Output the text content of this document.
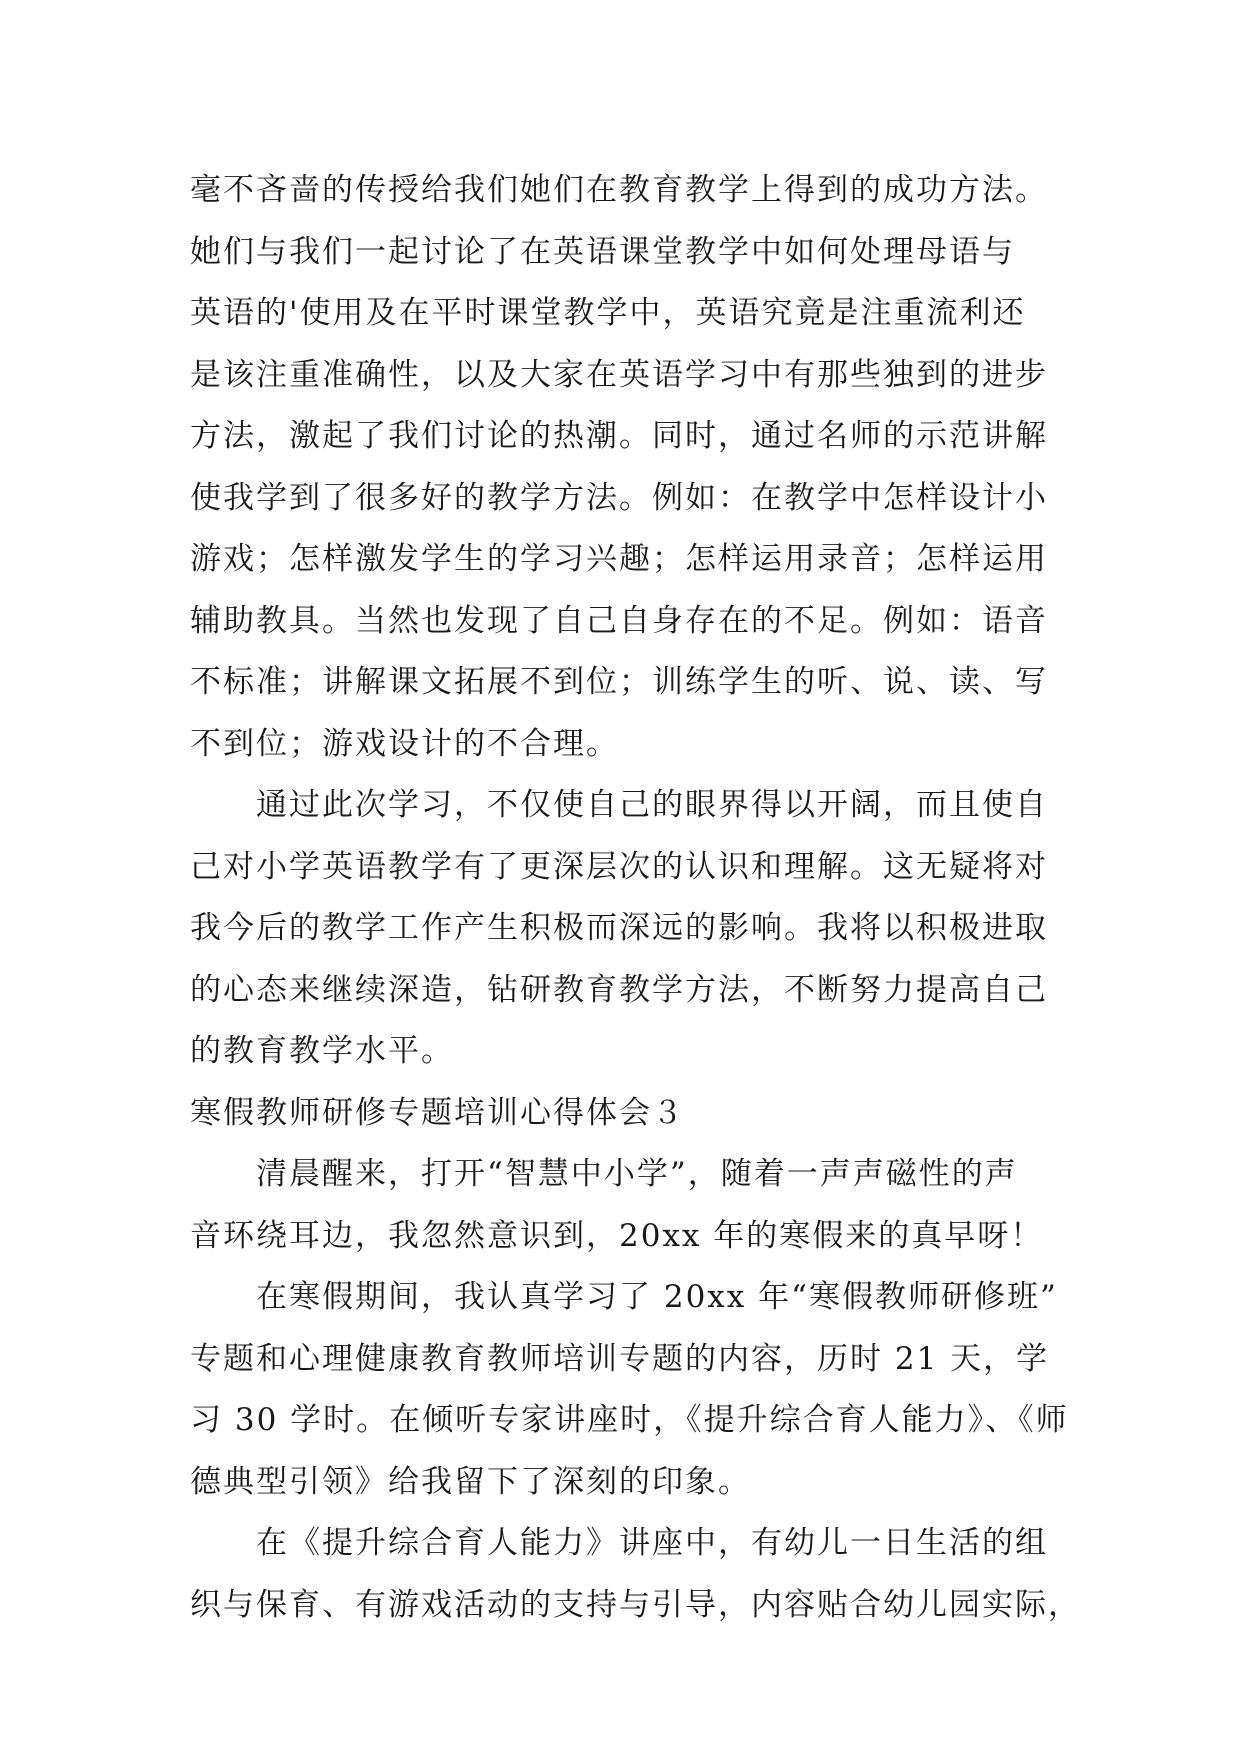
毫不吝啬的传授给我们她们在教育教学上得到的成功方法。
她们与我们一起讨论了在英语课堂教学中如何处理母语与
英语的'使用及在平时课堂教学中，英语究竟是注重流利还
是该注重准确性，以及大家在英语学习中有那些独到的进步
方法，激起了我们讨论的热潮。同时，通过名师的示范讲解
使我学到了很多好的教学方法。例如：在教学中怎样设计小
游戏；怎样激发学生的学习兴趣；怎样运用录音；怎样运用
辅助教具。当然也发现了自己自身存在的不足。例如：语音
不标准；讲解课文拓展不到位；训练学生的听、说、读、写
不到位；游戏设计的不合理。
通过此次学习，不仅使自己的眼界得以开阔，而且使自
己对小学英语教学有了更深层次的认识和理解。这无疑将对
我今后的教学工作产生积极而深远的影响。我将以积极进取
的心态来继续深造，钻研教育教学方法，不断努力提高自己
的教育教学水平。
寒假教师研修专题培训心得体会３
清晨醒来，打开“智慧中小学”，随着一声声磁性的声
音环绕耳边，我忽然意识到，20xx 年的寒假来的真早呀！
在寒假期间，我认真学习了 20xx 年“寒假教师研修班”
专题和心理健康教育教师培训专题的内容，历时 21 天，学
习 30 学时。在倾听专家讲座时，《提升综合育人能力》、《师
德典型引领》给我留下了深刻的印象。
在《提升综合育人能力》讲座中，有幼儿一日生活的组
织与保育、有游戏活动的支持与引导，内容贴合幼儿园实际，
